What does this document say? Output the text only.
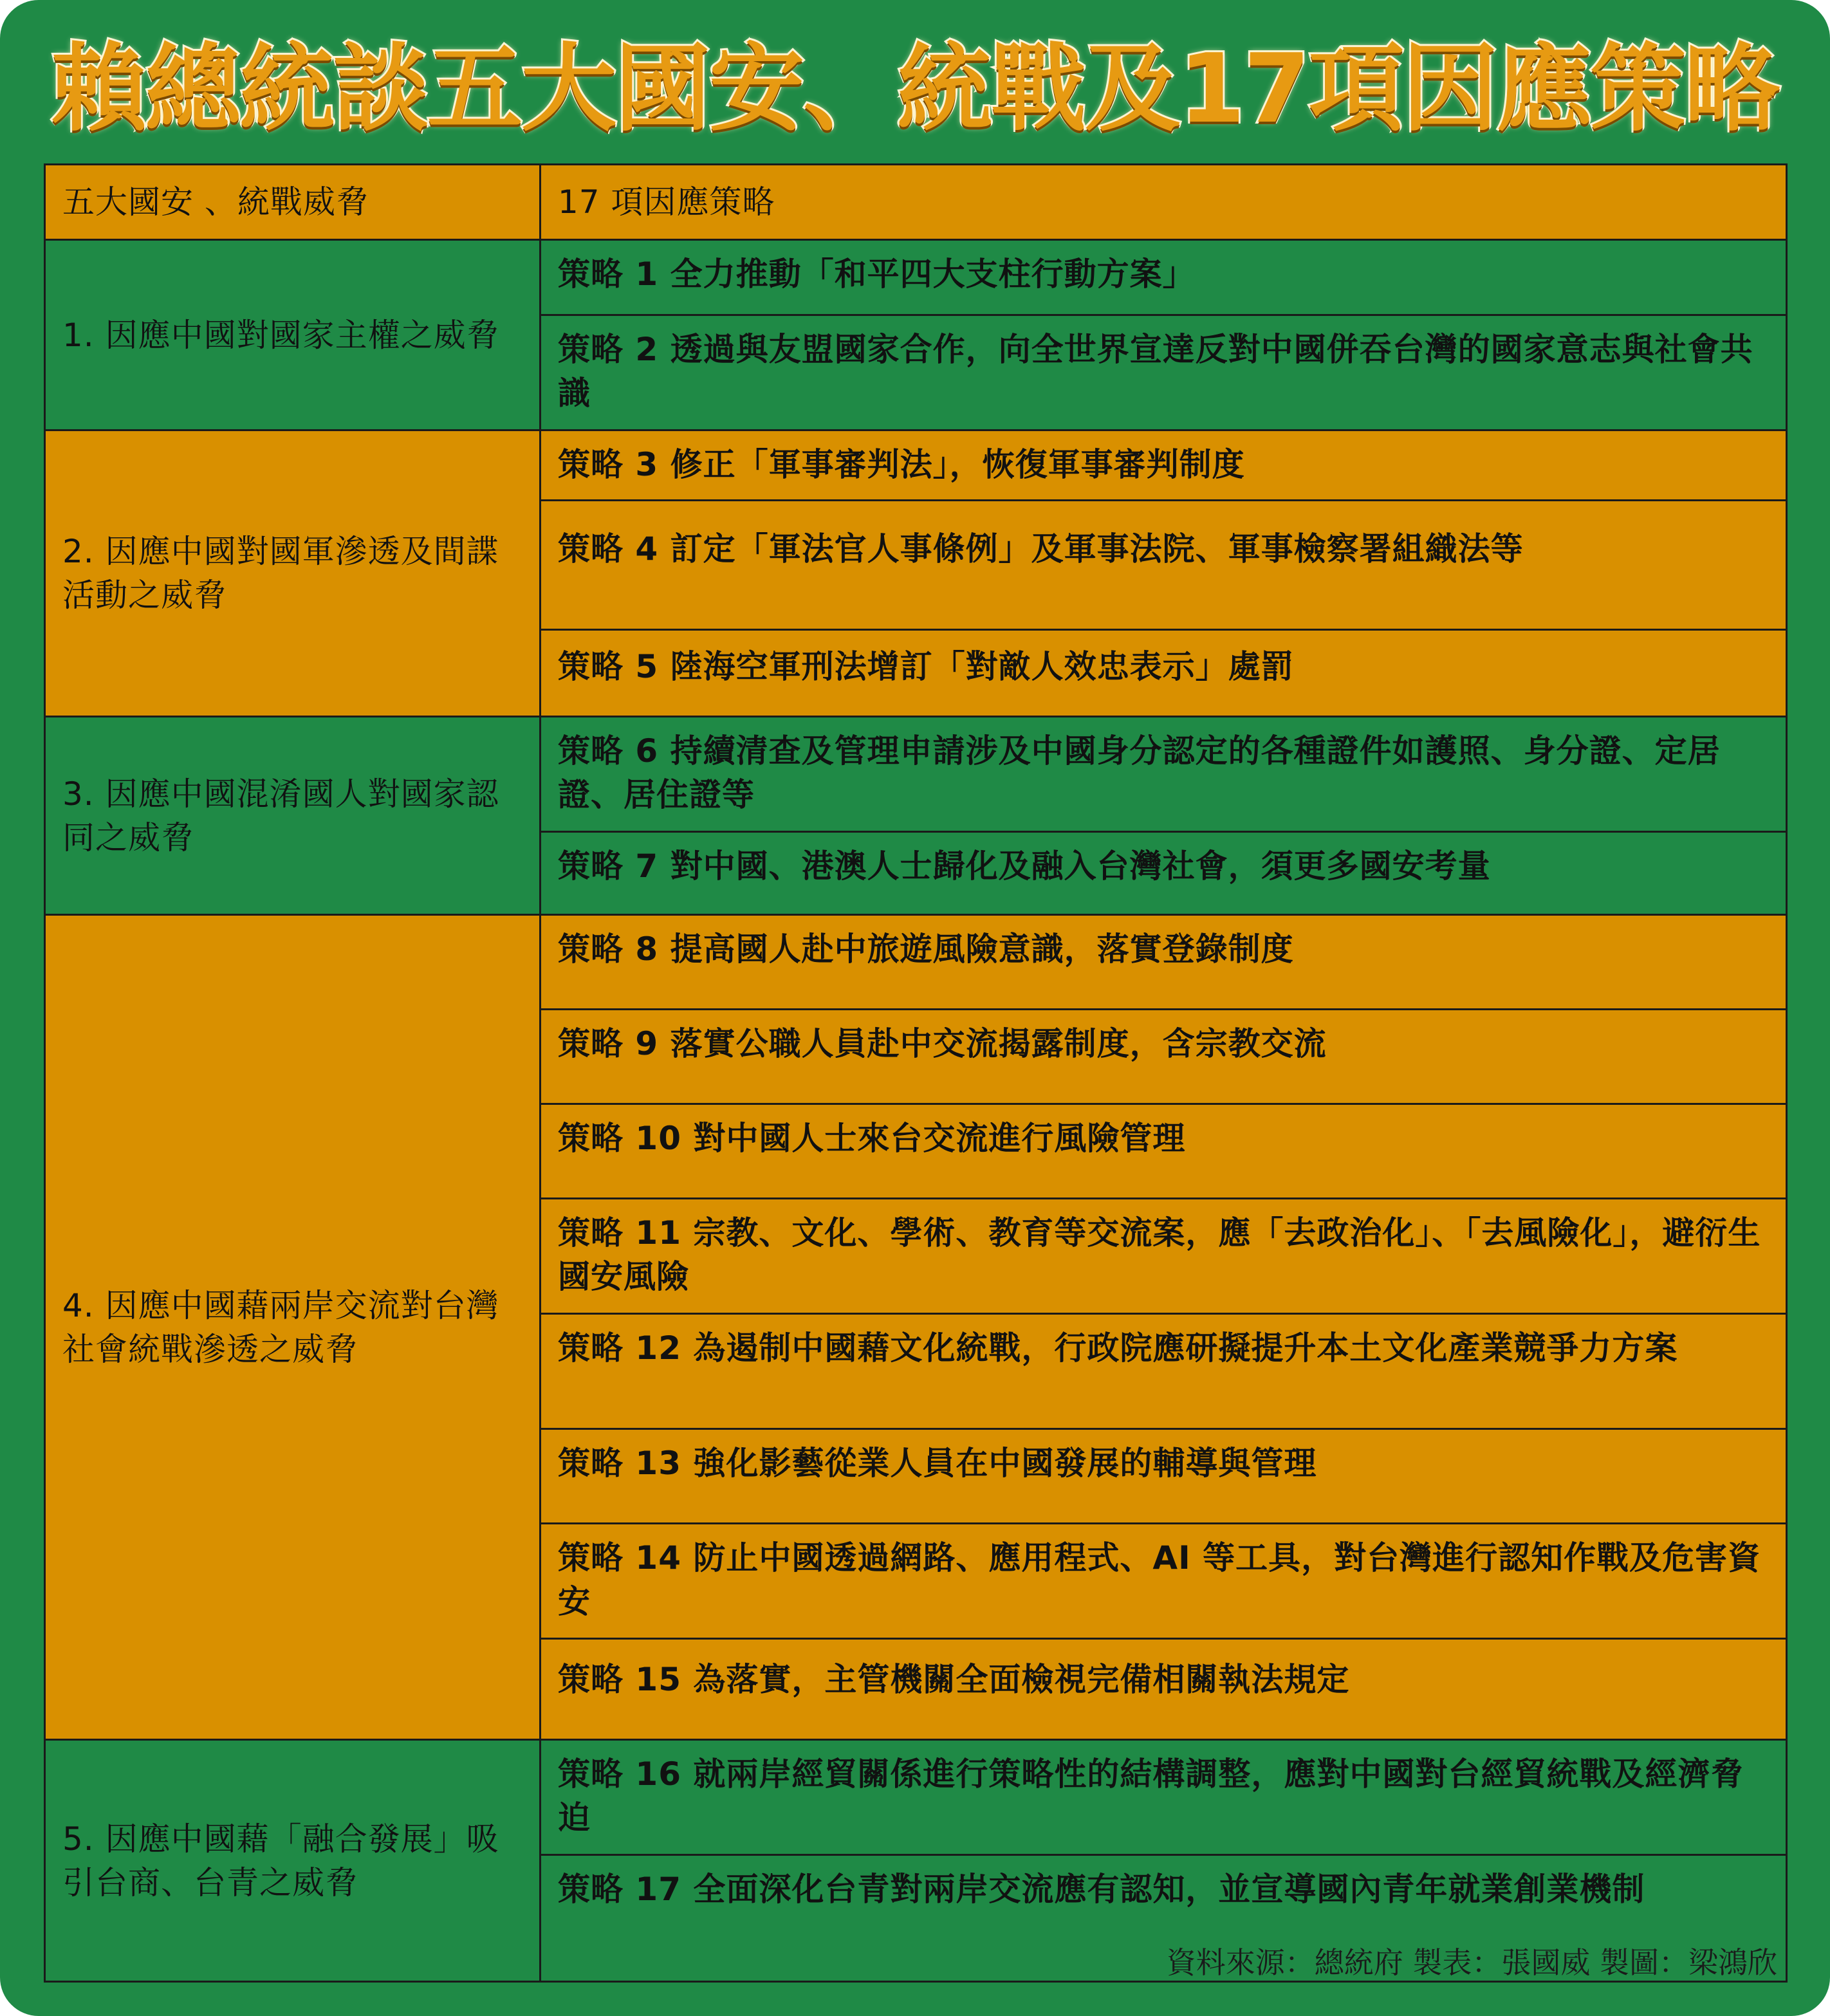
賴總統談五大國安、統戰及17項因應策略
五大國安 、統戰威脅	17 項因應策略
1. 因應中國對國家主權之威脅	策略 1 全力推動「和平四大支柱行動方案」
	策略 2 透過與友盟國家合作，向全世界宣達反對中國併吞台灣的國家意志與社會共識
2. 因應中國對國軍滲透及間諜活動之威脅	策略 3 修正「軍事審判法」，恢復軍事審判制度
	策略 4 訂定「軍法官人事條例」及軍事法院、軍事檢察署組織法等
	策略 5 陸海空軍刑法增訂「對敵人效忠表示」處罰
3. 因應中國混淆國人對國家認同之威脅	策略 6 持續清查及管理申請涉及中國身分認定的各種證件如護照、身分證、定居證、居住證等
	策略 7 對中國、港澳人士歸化及融入台灣社會，須更多國安考量
4. 因應中國藉兩岸交流對台灣社會統戰滲透之威脅	策略 8 提高國人赴中旅遊風險意識，落實登錄制度
	策略 9 落實公職人員赴中交流揭露制度，含宗教交流
	策略 10 對中國人士來台交流進行風險管理
	策略 11 宗教、文化、學術、教育等交流案，應「去政治化」、「去風險化」，避衍生國安風險
	策略 12 為遏制中國藉文化統戰，行政院應研擬提升本土文化產業競爭力方案
	策略 13 強化影藝從業人員在中國發展的輔導與管理
	策略 14 防止中國透過網路、應用程式、AI 等工具，對台灣進行認知作戰及危害資安
	策略 15 為落實，主管機關全面檢視完備相關執法規定
5. 因應中國藉「融合發展」吸引台商、台青之威脅	策略 16 就兩岸經貿關係進行策略性的結構調整，應對中國對台經貿統戰及經濟脅迫
	策略 17 全面深化台青對兩岸交流應有認知，並宣導國內青年就業創業機制
資料來源：總統府 製表：張國威 製圖：梁鴻欣
